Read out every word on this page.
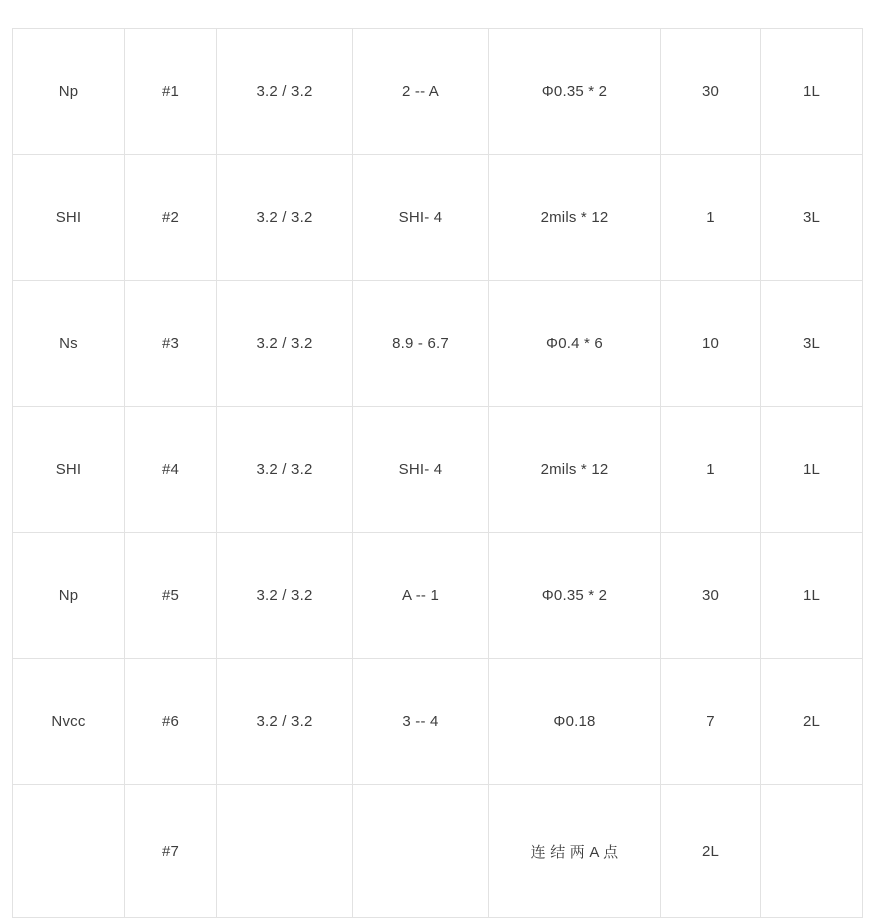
Np	#1	3.2 / 3.2	2 -- A	Φ0.35 * 2	30	1L
SHI	#2	3.2 / 3.2	SHI- 4	2mils * 12	1	3L
Ns	#3	3.2 / 3.2	8.9 - 6.7	Φ0.4 * 6	10	3L
SHI	#4	3.2 / 3.2	SHI- 4	2mils * 12	1	1L
Np	#5	3.2 / 3.2	A -- 1	Φ0.35 * 2	30	1L
Nvcc	#6	3.2 / 3.2	3 -- 4	Φ0.18	7	2L
	#7			连 结 两 A 点	2L	
